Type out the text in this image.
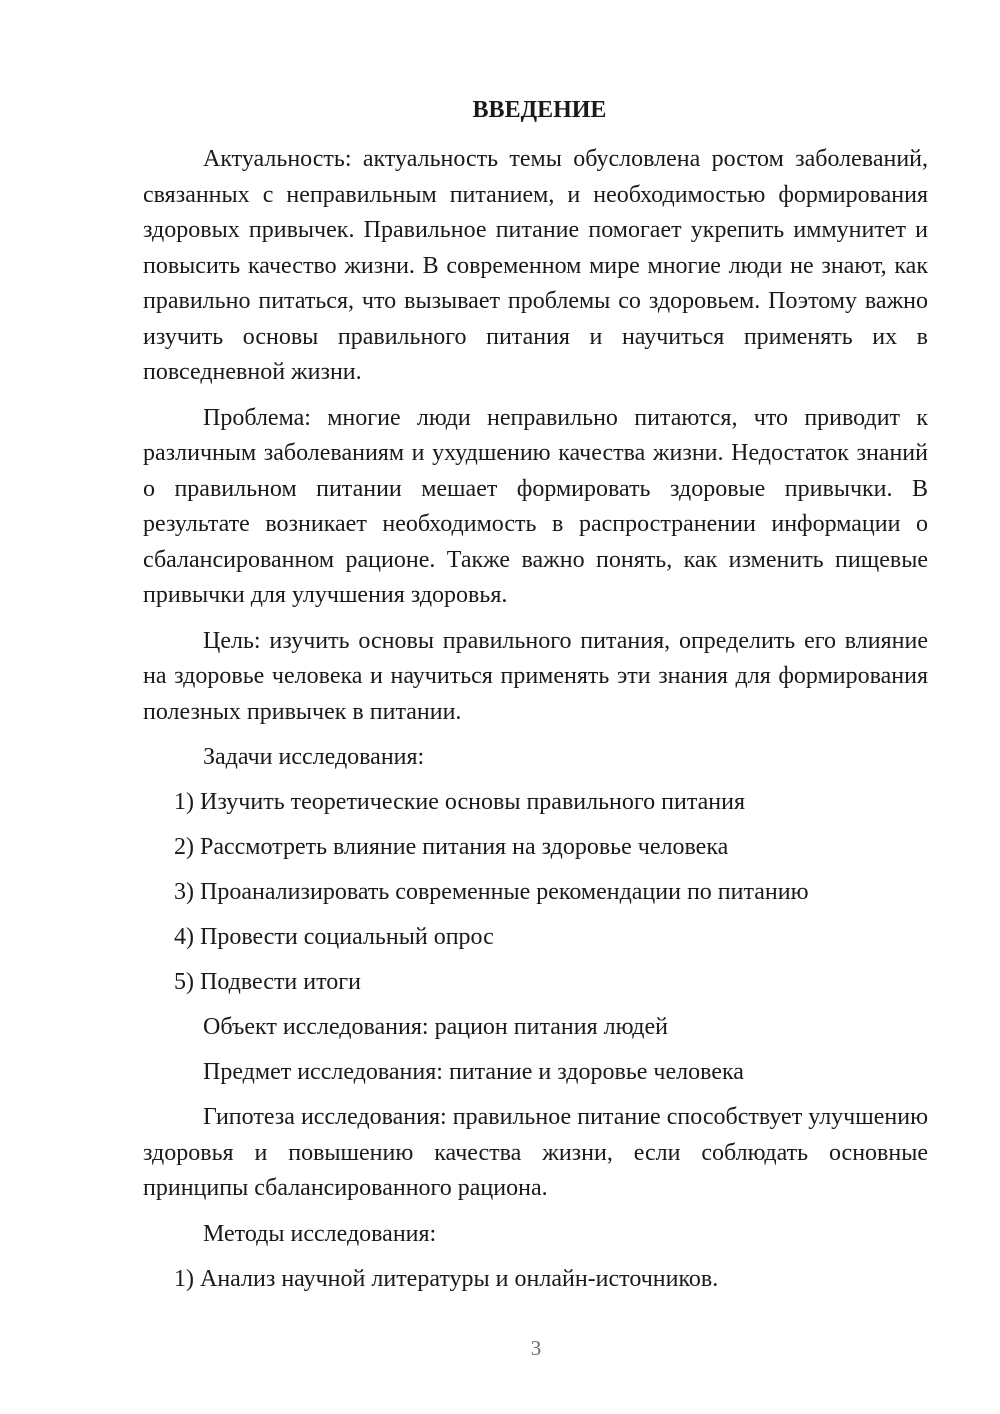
ВВЕДЕНИЕ

Актуальность: актуальность темы обусловлена ростом заболеваний, связанных с неправильным питанием, и необходимостью формирования здоровых привычек. Правильное питание помогает укрепить иммунитет и повысить качество жизни. В современном мире многие люди не знают, как правильно питаться, что вызывает проблемы со здоровьем. Поэтому важно изучить основы правильного питания и научиться применять их в повседневной жизни.

Проблема: многие люди неправильно питаются, что приводит к различным заболеваниям и ухудшению качества жизни. Недостаток знаний о правильном питании мешает формировать здоровые привычки. В результате возникает необходимость в распространении информации о сбалансированном рационе. Также важно понять, как изменить пищевые привычки для улучшения здоровья.

Цель: изучить основы правильного питания, определить его влияние на здоровье человека и научиться применять эти знания для формирования полезных привычек в питании.

Задачи исследования:
1) Изучить теоретические основы правильного питания
2) Рассмотреть влияние питания на здоровье человека
3) Проанализировать современные рекомендации по питанию
4) Провести социальный опрос
5) Подвести итоги
Объект исследования: рацион питания людей
Предмет исследования: питание и здоровье человека

Гипотеза исследования: правильное питание способствует улучшению здоровья и повышению качества жизни, если соблюдать основные принципы сбалансированного рациона.

Методы исследования:
1) Анализ научной литературы и онлайн-источников.
3
